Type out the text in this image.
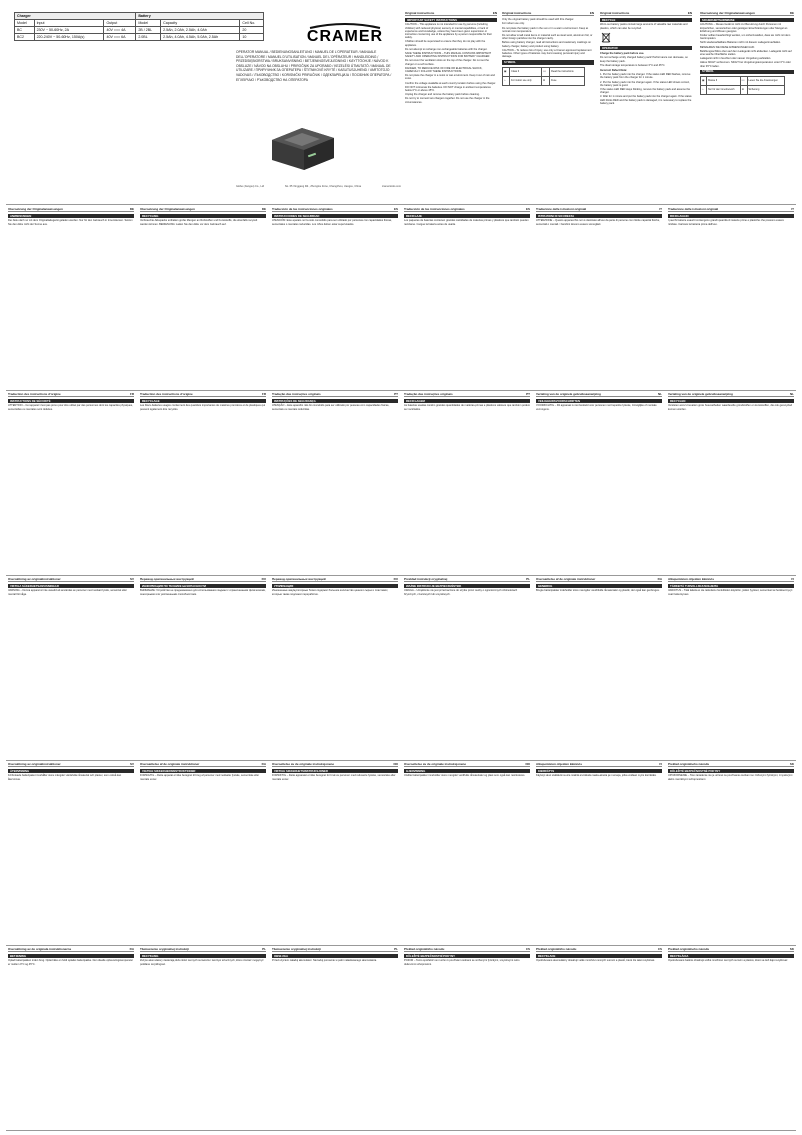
Charger			Battery		
Model	Input	Output	Model	Capacity	Cell No.
BC	230V ~ 50-60Hz, 2A	40V === 4A	2B / 2BL	2.5Ah, 2.0Ah, 2.5Ah, 4.0Ah	20
BC2	220-240V ~ 50-60Hz, 150A(s)	40V === 6A	2.0BL	2.5Ah, 4.0Ah, 4.5Ah, 5.0Ah, 2.5Ah	10	CRAMER
OPERATOR MANUAL / BEDIENUNGSANLEITUNG / MANUEL DE L'OPERATEUR / MANUALE DELL'OPERATORE / MANUEL D'UTILISATION / MANUEL DE L'OPÉRATEUR / HANDLEIDING / PRZEDSIĘBIORSTWA / BRUKSANVISNING / BETJENINGSVEJLEDNING / KÄYTTÖOHJE / NÁVOD K OBSLUZE / NÁVOD NA OBSLUHU / PRIROČNIK ZA UPORABO / KEZELÉSI ÚTMUTATÓ / MANUAL DE UTILIZARE / ПРИРУЧНИК ЗА ОПЕРАТЕРА / ŠTITNIKOVÉ KRYTÉ / KASUTUSJUHEND / VARTOTOJO VADOVAS / ЛЪКОВОДСТВО / KORISNIČKI PRIRUČNIK / ОДЕКЛАРЕЦИЈА / ПОСІБНИК ОПЕРАТОРА / ΕΓΧΕΙΡΙΔΙΟ / РЪКОВОДСТВО НА ОПЕРАТОРА
Globe (Jiangsu) Co., Ltd	No. 65 Xinggang Rd., Zhonglou Zone, Changzhou, Jiangsu, China	cramertools.com
Original instructions	EN
IMPORTANT SAFETY INSTRUCTIONS

CAUTION – This appliance is not intended for use by persons (including children) with reduced physical, sensory or mental capabilities, or lack of experience and knowledge, unless they have been given supervision or instruction concerning use of the appliance by a person responsible for their safety.

Children should be supervised to ensure that they do not play with the appliance.

Do not attempt to recharge non-rechargeable batteries with the charger.

SAVE THESE INSTRUCTIONS – THIS MANUAL CONTAINS IMPORTANT SAFETY AND OPERATING INSTRUCTIONS FOR BATTERY CHARGER.

Do not cover the ventilation slots on the top of the charger. Do not set the charger on a soft surface.

DANGER, TO REDUCE RISK OF FIRE OR ELECTRICAL SHOCK, CAREFULLY FOLLOW THESE INSTRUCTIONS.

Do not place the charger in a moist or wet environment. Keep it out of rain and snow.

Confirm the voltage available at each country location before using the charger.

DO NOT incinerate the batteries. DO NOT charge in ambient temperatures below 0°C or above 45°C.

Unplug the charger and remove the battery pack before cleaning.

Do not try to connect two chargers together. Do not use the charger in the circumstances.

Original instructions	EN

Only the original battery pack should be used with this charger.

For indoor use only.

Do not place the battery pack in the sun or in a warm environment. Keep at normal room temperature.

Do not allow small metal items or material such as steel wool, aluminum foil, or other foreign particles into the charger cavity.

Before using battery charger, read all instructions and cautionary markings on battery charger, battery and product using battery.

CAUTION – To reduce risk of injury, use only a Cramer approved replacement batteries. Other types of batteries may burst causing personal injury and damage.

SYMBOL
▣	Class II	📖	Read the instructions
⌂	For indoor use only	⊟	Fuse
Original instructions	EN
RECYCLE

Worn-out battery packs contain large amounts of valuable raw materials and plastics, which can also be recycled.

OPERATOR
Charge the battery pack before use.

Do not recharge a fully charged battery pack! Performance can decrease, so keep the battery pack.

The ideal storage temperature is between 0°C and 45°C.

Incorrect Defect Note:

1. Put the battery pack into the charger. If the status LED RED flashes, remove the battery pack from the charger for 1 minute.

2. Put the battery pack into the charger again. If the status LED shows correct, the battery pack is good.

If the status LED RED stays blinking, remove the battery pack and assume the charger.

3. Wait for 1 minute and put the battery pack into the charger again. If the status LED blinks RED and the battery pack is damaged, it is necessary to replace the battery pack.

Übersetzung der Originalanweisungen	DE
SICHERHEITSHINWEISE

ACHTUNG – Dieses Gerät ist nicht zur Benutzung durch Personen mit körperlichen, sensorischen oder geistigen Einschränkungen oder Mangel an Erfahrung und Wissen geeignet.

Kinder sollten beaufsichtigt werden, um sicherzustellen, dass sie nicht mit dem Gerät spielen.

Nicht wiederaufladbare Batterien nicht mit diesem Ladegerät aufladen.

BEWAHREN SIE DIESE ANWEISUNGEN AUF.

Belüftungsschlitze oben auf dem Ladegerät nicht abdecken. Ladegerät nicht auf eine weiche Oberfläche stellen.

Ladegerät nicht in feuchter oder nasser Umgebung aufstellen.

Akkus NICHT verbrennen. NICHT bei Umgebungstemperaturen unter 0°C oder über 45°C laden.

SYMBOL
▣	Klasse II	📖	Lesen Sie die Anweisungen
⌂	Nur für den Innenbereich	⊟	Sicherung
Übersetzung der Originalanweisungen	DE
ANWEISUNGEN

Der Akku darf nur mit dem Originalladegerät geladen werden. Nur für den Gebrauch in Innenräumen. Setzen Sie den Akku nicht der Sonne aus.

Übersetzung der Originalanweisungen	DE
RECYCLING

Verbrauchte Akkupacks enthalten große Mengen an Rohstoffen und Kunststoffe, die ebenfalls recycelt werden können. BEDIENUNG: Laden Sie den Akku vor dem Gebrauch auf.

Traducción de las instrucciones originales	ES
INSTRUCCIONES DE SEGURIDAD

ATENCIÓN: Este aparato no ha sido concebido para ser utilizado por personas con capacidades físicas, sensoriales o mentales reducidas. Los niños deben estar supervisados.

Traducción de las instrucciones originales	ES
RECICLAJE

Los paquetes de baterías contienen grandes cantidades de materias primas y plásticos que también pueden reciclarse. Cargue la batería antes de usarla.

Traduzione delle istruzioni originali	IT
ISTRUZIONI DI SICUREZZA

ATTENZIONE – Questo apparecchio non è destinato all'uso da parte di persone con ridotte capacità fisiche, sensoriali o mentali. I bambini devono essere sorvegliati.

Traduzione delle istruzioni originali	IT
RICICLAGGIO

I pacchi batterie esauriti contengono grandi quantità di materie prime e plastiche che possono essere riciclate. Caricare la batteria prima dell'uso.

Traduction des instructions d'origine	FR
INSTRUCTIONS DE SÉCURITÉ

ATTENTION – Cet appareil n'est pas prévu pour être utilisé par des personnes dont les capacités physiques, sensorielles ou mentales sont réduites.

Traduction des instructions d'origine	FR
RECYCLAGE

Les blocs-batteries usagés contiennent des quantités importantes de matières premières et de plastiques qui peuvent également être recyclés.

Tradução das instruções originais	PT
INSTRUÇÕES DE SEGURANÇA

ATENÇÃO – Este aparelho não foi concebido para ser utilizado por pessoas com capacidades físicas, sensoriais ou mentais reduzidas.

Tradução das instruções originais	PT
RECICLAGEM

As baterias usadas contêm grandes quantidades de matérias-primas e plásticos valiosos que também podem ser reciclados.

Vertaling van de originele gebruiksaanwijzing	NL
VEILIGHEIDSVOORSCHRIFTEN

VOORZICHTIG – Dit apparaat is niet bedoeld voor personen met beperkte fysieke, zintuiglijke of mentale vermogens.

Vertaling van de originele gebruiksaanwijzing	NL
RECYCLEN

Versleten accu's bevatten grote hoeveelheden waardevolle grondstoffen en kunststoffen, die ook gerecycled kunnen worden.

Översättning av originalinstruktioner	SV
VIKTIGA SÄKERHETSANVISNINGAR

VARNING – Denna apparat är inte avsedd att användas av personer med nedsatt fysisk, sensorisk eller mental förmåga.

Перевод оригинальных инструкций	RU
ИНФОРМАЦИЯ ПО ТЕХНИКЕ БЕЗОПАСНОСТИ

ВНИМАНИЕ: Устройство не предназначено для использования людьми с ограниченными физическими, сенсорными или умственными способностями.

Перевод оригинальных инструкций	RU
УТИЛИЗАЦИЯ

Изношенные аккумуляторные блоки содержат большое количество ценного сырья и пластмасс, которые также подлежат переработке.

Przekład instrukcji oryginalnej	PL
WAŻNE INSTRUKCJE BEZPIECZEŃSTWA

UWAGA – Urządzenie nie jest przeznaczone do użytku przez osoby o ograniczonych zdolnościach fizycznych, czuciowych lub umysłowych.

Oversættelse af de originale instruktioner	DA
GENBRUG

Brugte batteripakker indeholder store mængder værdifulde råmaterialer og plastik, der også kan genbruges.

Alkuperäisten ohjeiden käännös	FI
TÄRKEITÄ TURVALLISUUSOHJEITA

VAROITUS – Tätä laitetta ei ole tarkoitettu henkilöiden käyttöön, joiden fyysiset, sensoriset tai henkiset kyvyt ovat heikentyneet.

Översättning av originalinstruktioner	SV
ÅTERVINNING

Förbrukade batteripaket innehåller stora mängder värdefulla råmaterial och plaster, som också kan återvinnas.

Oversættelse af de originale instruktioner	DA
VIGTIGE SIKKERHEDSINSTRUKTIONER

FORSIGTIG – Dette apparat er ikke beregnet til brug af personer med nedsatte fysiske, sensoriske eller mentale evner.

Oversettelse av de originale instruksjonene	NO
VIKTIGE SIKKERHETSINSTRUKSJONER

FORSIKTIG – Dette apparatet er ikke beregnet for bruk av personer med reduserte fysiske, sensoriske eller mentale evner.

Oversettelse av de originale instruksjonene	NO
GJENVINNING

Utslitte batteripakker inneholder store mengder verdifulle råmaterialer og plast som også kan resirkuleres.

Alkuperäisten ohjeiden käännös	FI
KIERRÄTYS

Käytetyt akut sisältävät suuria määriä arvokkaita raaka-aineita ja muoveja, jotka voidaan myös kierrättää.

Preklad originálneho návodu	SK
DÔLEŽITÉ BEZPEČNOSTNÉ POKYNY

UPOZORNENIE – Toto zariadenie nie je určené na používanie osobami so zníženými fyzickými, zmyslovými alebo mentálnymi schopnosťami.

Översättning av de originala instruktionerna	DA
BETJENING

Oplad batteripakken inden brug. Oplad ikke en fuldt opladet batteripakke. Den ideelle opbevaringstemperatur er mellem 0°C og 45°C.

Tłumaczenie oryginalnej instrukcji	PL
RECYKLING

Zużyte akumulatory zawierają duże ilości cennych surowców i tworzyw sztucznych, które również mogą być poddane recyklingowi.

Tłumaczenie oryginalnej instrukcji	PL
OBSŁUGA

Przed użyciem naładuj akumulator. Nie ładuj ponownie w pełni naładowanego akumulatora.

Překlad originálního návodu	CS
DŮLEŽITÉ BEZPEČNOSTNÍ POKYNY

POZOR – Tento spotřebič není určen k používání osobami se sníženými fyzickými, smyslovými nebo duševními schopnostmi.

Překlad originálního návodu	CS
RECYKLACE

Opotřebované akumulátory obsahují velké množství cenných surovin a plastů, které lze také recyklovat.

Preklad originálneho návodu	SK
RECYKLÁCIA

Opotrebované batérie obsahujú veľké množstvo cenných surovín a plastov, ktoré sa tiež dajú recyklovať.
